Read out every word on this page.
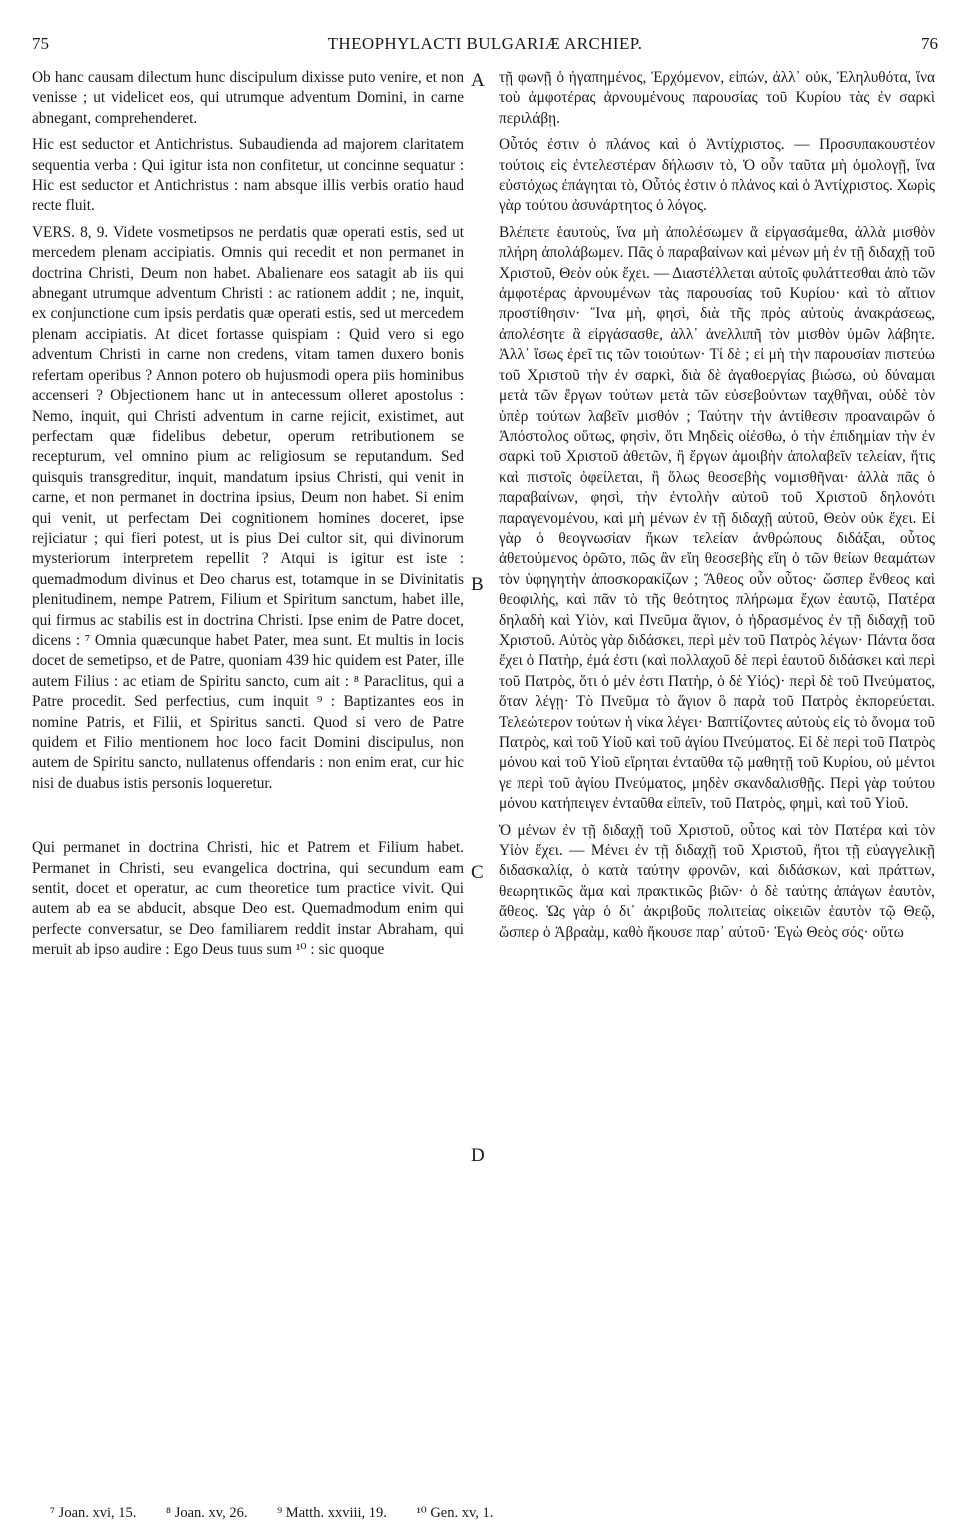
75	THEOPHYLACTI BULGARIÆ ARCHIEP.	76

Ob hanc causam dilectum hunc discipulum dixisse puto venire, et non venisse ; ut videlicet eos, qui utrumque adventum Domini, in carne abnegant, comprehenderet.

Hic est seductor et Antichristus. Subaudienda ad majorem claritatem sequentia verba : Qui igitur ista non confitetur, ut concinne sequatur : Hic est seductor et Antichristus : nam absque illis verbis oratio haud recte fluit.

VERS. 8, 9. Videte vosmetipsos ne perdatis quæ operati estis, sed ut mercedem plenam accipiatis. Omnis qui recedit et non permanet in doctrina Christi, Deum non habet. Abalienare eos satagit ab iis qui abnegant utrumque adventum Christi : ac rationem addit ; ne, inquit, ex conjunctione cum ipsis perdatis quæ operati estis, sed ut mercedem plenam accipiatis. At dicet fortasse quispiam : Quid vero si ego adventum Christi in carne non credens, vitam tamen duxero bonis refertam operibus ? Annon potero ob hujusmodi opera piis hominibus accenseri ? Objectionem hanc ut in antecessum olleret apostolus : Nemo, inquit, qui Christi adventum in carne rejicit, existimet, aut perfectam quæ fidelibus debetur, operum retributionem se recepturum, vel omnino pium ac religiosum se reputandum. Sed quisquis transgreditur, inquit, mandatum ipsius Christi, qui venit in carne, et non permanet in doctrina ipsius, Deum non habet. Si enim qui venit, ut perfectam Dei cognitionem homines doceret, ipse rejiciatur ; qui fieri potest, ut is pius Dei cultor sit, qui divinorum mysteriorum interpretem repellit ? Atqui is igitur est iste : quemadmodum divinus et Deo charus est, totamque in se Divinitatis plenitudinem, nempe Patrem, Filium et Spiritum sanctum, habet ille, qui firmus ac stabilis est in doctrina Christi. Ipse enim de Patre docet, dicens : ⁷ Omnia quæcunque habet Pater, mea sunt. Et multis in locis docet de semetipso, et de Patre, quoniam 439 hic quidem est Pater, ille autem Filius : ac etiam de Spiritu sancto, cum ait : ⁸ Paraclitus, qui a Patre procedit. Sed perfectius, cum inquit ⁹ : Baptizantes eos in nomine Patris, et Filii, et Spiritus sancti. Quod si vero de Patre quidem et Filio mentionem hoc loco facit Domini discipulus, non autem de Spiritu sancto, nullatenus offendaris : non enim erat, cur hic nisi de duabus istis personis loqueretur.

Qui permanet in doctrina Christi, hic et Patrem et Filium habet. Permanet in Christi, seu evangelica doctrina, qui secundum eam sentit, docet et operatur, ac cum theoretice tum practice vivit. Qui autem ab ea se abducit, absque Deo est. Quemadmodum enim qui perfecte conversatur, se Deo familiarem reddit instar Abraham, qui meruit ab ipso audire : Ego Deus tuus sum ¹⁰ : sic quoque

A
B
C
D

τῇ φωνῇ ὁ ἠγαπημένος, Ἐρχόμενον, εἰπών, ἀλλ᾽ οὐκ, Ἐληλυθότα, ἵνα τοὺ ἀμφοτέρας ἀρνουμένους παρουσίας τοῦ Κυρίου τὰς ἐν σαρκὶ περιλάβῃ.

Οὗτός ἐστιν ὁ πλάνος καὶ ὁ Ἀντίχριστος. — Προσυπακουστέον τούτοις εἰς ἐντελεστέραν δήλωσιν τὸ, Ὁ οὖν ταῦτα μὴ ὁμολογῇ, ἵνα εὐστόχως ἐπάγηται τὸ, Οὗτός ἐστιν ὁ πλάνος καὶ ὁ Ἀντίχριστος. Χωρὶς γὰρ τούτου ἀσυνάρτητος ὁ λόγος.

Βλέπετε ἑαυτοὺς, ἵνα μὴ ἀπολέσωμεν ἃ εἰργασάμεθα, ἀλλὰ μισθὸν πλήρη ἀπολάβωμεν. Πᾶς ὁ παραβαίνων καὶ μένων μὴ ἐν τῇ διδαχῇ τοῦ Χριστοῦ, Θεὸν οὐκ ἔχει. — Διαστέλλεται αὐτοῖς φυλάττεσθαι ἀπὸ τῶν ἀμφοτέρας ἀρνουμένων τὰς παρουσίας τοῦ Κυρίου· καὶ τὸ αἴτιον προστίθησιν· Ἵνα μὴ, φησὶ, διὰ τῆς πρὸς αὐτοὺς ἀνακράσεως, ἀπολέσητε ἃ εἰργάσασθε, ἀλλ᾽ ἀνελλιπῆ τὸν μισθὸν ὑμῶν λάβητε. Ἀλλ᾽ ἴσως ἐρεῖ τις τῶν τοιούτων· Τί δὲ ; εἰ μὴ τὴν παρουσίαν πιστεύω τοῦ Χριστοῦ τὴν ἐν σαρκὶ, διὰ δὲ ἀγαθοεργίας βιώσω, οὐ δύναμαι μετὰ τῶν ἔργων τούτων μετὰ τῶν εὐσεβούντων ταχθῆναι, οὐδὲ τὸν ὑπὲρ τούτων λαβεῖν μισθόν ; Ταύτην τὴν ἀντίθεσιν προαναιρῶν ὁ Ἀπόστολος οὕτως, φησὶν, ὅτι Μηδεὶς οἰέσθω, ὁ τὴν ἐπιδημίαν τὴν ἐν σαρκὶ τοῦ Χριστοῦ ἀθετῶν, ἢ ἔργων ἀμοιβὴν ἀπολαβεῖν τελείαν, ἥτις καὶ πιστοῖς ὀφείλεται, ἢ ὅλως θεοσεβὴς νομισθῆναι· ἀλλὰ πᾶς ὁ παραβαίνων, φησὶ, τὴν ἐντολὴν αὐτοῦ τοῦ Χριστοῦ δηλονότι παραγενομένου, καὶ μὴ μένων ἐν τῇ διδαχῇ αὐτοῦ, Θεὸν οὐκ ἔχει. Εἰ γὰρ ὁ θεογνωσίαν ἥκων τελείαν ἀνθρώπους διδάξαι, οὗτος ἀθετούμενος ὁρῶτο, πῶς ἂν εἴη θεοσεβὴς εἴη ὁ τῶν θείων θεαμάτων τὸν ὑφηγητὴν ἀποσκορακίζων ; Ἄθεος οὖν οὗτος· ὥσπερ ἔνθεος καὶ θεοφιλὴς, καὶ πᾶν τὸ τῆς θεότητος πλήρωμα ἔχων ἑαυτῷ, Πατέρα δηλαδὴ καὶ Υἱὸν, καὶ Πνεῦμα ἅγιον, ὁ ἡδρασμένος ἐν τῇ διδαχῇ τοῦ Χριστοῦ. Αὐτὸς γὰρ διδάσκει, περὶ μὲν τοῦ Πατρὸς λέγων· Πάντα ὅσα ἔχει ὁ Πατὴρ, ἐμά ἐστι (καὶ πολλαχοῦ δὲ περὶ ἑαυτοῦ διδάσκει καὶ περὶ τοῦ Πατρὸς, ὅτι ὁ μέν ἐστι Πατὴρ, ὁ δὲ Υἱός)· περὶ δὲ τοῦ Πνεύματος, ὅταν λέγῃ· Τὸ Πνεῦμα τὸ ἅγιον ὃ παρὰ τοῦ Πατρὸς ἐκπορεύεται. Τελεώτερον τούτων ἡ νίκα λέγει· Βαπτίζοντες αὐτοὺς εἰς τὸ ὄνομα τοῦ Πατρὸς, καὶ τοῦ Υἱοῦ καὶ τοῦ ἁγίου Πνεύματος. Εἰ δὲ περὶ τοῦ Πατρὸς μόνου καὶ τοῦ Υἱοῦ εἴρηται ἐνταῦθα τῷ μαθητῇ τοῦ Κυρίου, οὐ μέντοι γε περὶ τοῦ ἁγίου Πνεύματος, μηδὲν σκανδαλισθῇς. Περὶ γὰρ τούτου μόνου κατήπειγεν ἐνταῦθα εἰπεῖν, τοῦ Πατρὸς, φημὶ, καὶ τοῦ Υἱοῦ.

Ὁ μένων ἐν τῇ διδαχῇ τοῦ Χριστοῦ, οὗτος καὶ τὸν Πατέρα καὶ τὸν Υἱὸν ἔχει. — Μένει ἐν τῇ διδαχῇ τοῦ Χριστοῦ, ἤτοι τῇ εὐαγγελικῇ διδασκαλίᾳ, ὁ κατὰ ταύτην φρονῶν, καὶ διδάσκων, καὶ πράττων, θεωρητικῶς ἅμα καὶ πρακτικῶς βιῶν· ὁ δὲ ταύτης ἀπάγων ἑαυτὸν, ἄθεος. Ὡς γὰρ ὁ δι᾽ ἀκριβοῦς πολιτείας οἰκειῶν ἑαυτὸν τῷ Θεῷ, ὥσπερ ὁ Ἀβραὰμ, καθὸ ἤκουσε παρ᾽ αὐτοῦ· Ἐγὼ Θεὸς σός· οὕτω

⁷ Joan. xvi, 15. ⁸ Joan. xv, 26. ⁹ Matth. xxviii, 19. ¹⁰ Gen. xv, 1.
